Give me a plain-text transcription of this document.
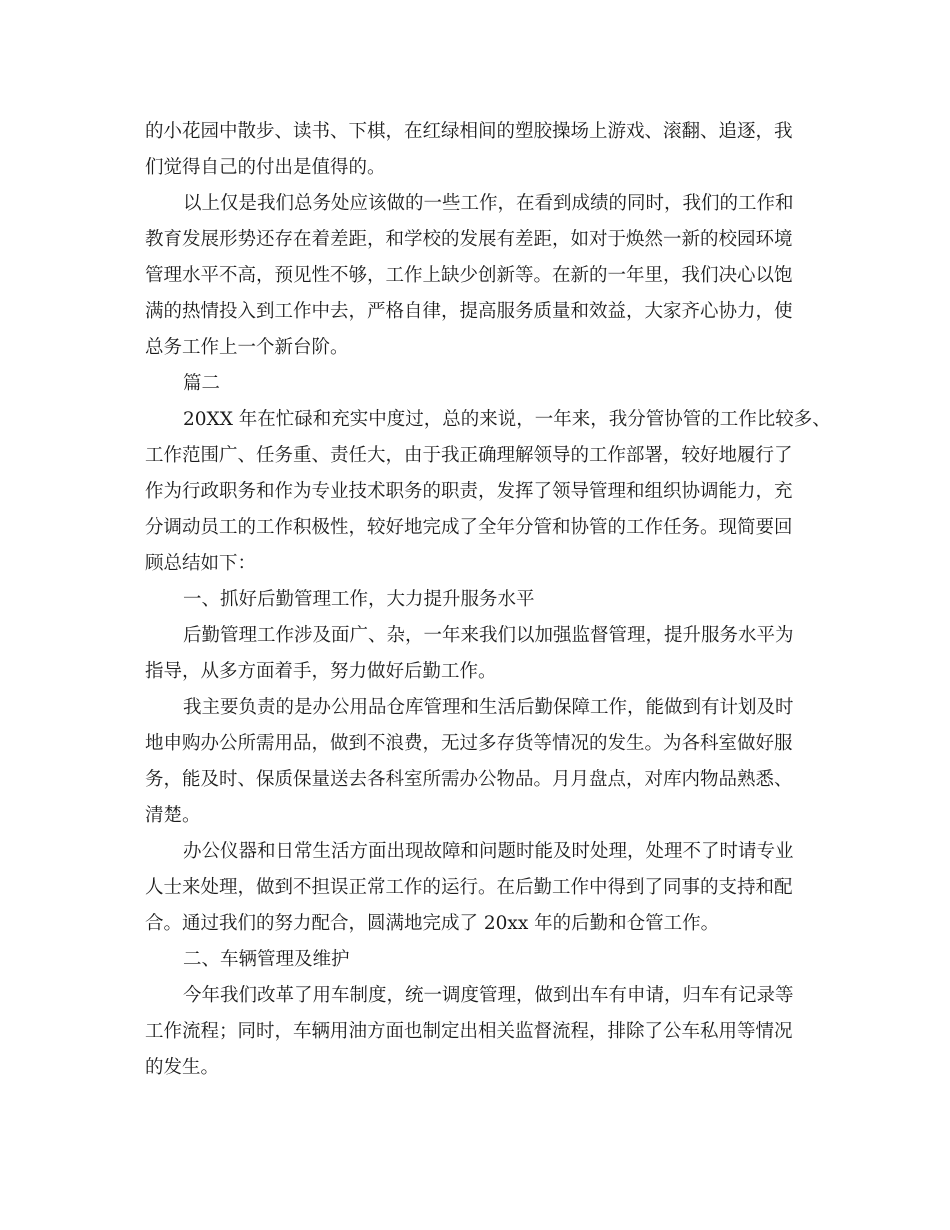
的小花园中散步、读书、下棋，在红绿相间的塑胶操场上游戏、滚翻、追逐，我
们觉得自己的付出是值得的。
以上仅是我们总务处应该做的一些工作，在看到成绩的同时，我们的工作和
教育发展形势还存在着差距，和学校的发展有差距，如对于焕然一新的校园环境
管理水平不高，预见性不够，工作上缺少创新等。在新的一年里，我们决心以饱
满的热情投入到工作中去，严格自律，提高服务质量和效益，大家齐心协力，使
总务工作上一个新台阶。
篇二
20XX 年在忙碌和充实中度过，总的来说，一年来，我分管协管的工作比较多、
工作范围广、任务重、责任大，由于我正确理解领导的工作部署，较好地履行了
作为行政职务和作为专业技术职务的职责，发挥了领导管理和组织协调能力，充
分调动员工的工作积极性，较好地完成了全年分管和协管的工作任务。现简要回
顾总结如下：
一、抓好后勤管理工作，大力提升服务水平
后勤管理工作涉及面广、杂，一年来我们以加强监督管理，提升服务水平为
指导，从多方面着手，努力做好后勤工作。
我主要负责的是办公用品仓库管理和生活后勤保障工作，能做到有计划及时
地申购办公所需用品，做到不浪费，无过多存货等情况的发生。为各科室做好服
务，能及时、保质保量送去各科室所需办公物品。月月盘点，对库内物品熟悉、
清楚。
办公仪器和日常生活方面出现故障和问题时能及时处理，处理不了时请专业
人士来处理，做到不担误正常工作的运行。在后勤工作中得到了同事的支持和配
合。通过我们的努力配合，圆满地完成了 20xx 年的后勤和仓管工作。
二、车辆管理及维护
今年我们改革了用车制度，统一调度管理，做到出车有申请，归车有记录等
工作流程；同时，车辆用油方面也制定出相关监督流程，排除了公车私用等情况
的发生。
